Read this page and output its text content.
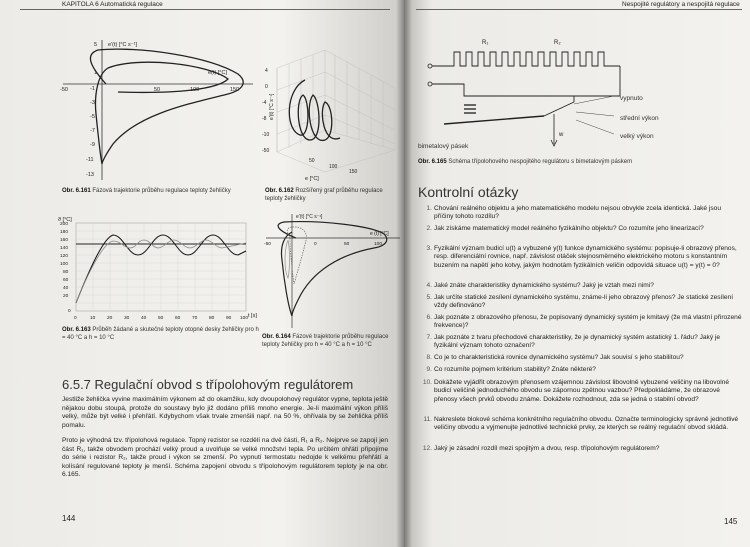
KAPITOLA 6 Automatická regulace
e'(t) [°C s⁻¹]
e(t) [°C]
-50	50	100	150
5
1
-1
-3
-5
-7
-9
-11
-13
Obr. 6.161 Fázová trajektorie průběhu regulace teploty žehličky
4
0
-4
-8
-10
-50
50
100
150
e [°C]
e'(t) [°C s⁻¹]
Obr. 6.162 Rozšířený graf průběhu regulace teploty žehličky
ϑ [°C]
t [s]
200
180
160
140
120
100
80
60
40
20
0
0	10 20 30 40 50 60 70 80 90 100
Obr. 6.163 Průběh žádané a skutečné teploty otopné desky žehličky pro h = 40 °C a h = 10 °C
e'(t) [°C s⁻¹]
e (t) [°C]
-50	0	50	100
Obr. 6.164 Fázové trajektorie průběhu regulace teploty žehličky pro h = 40 °C a h = 10 °C
6.5.7 Regulační obvod s třípolohovým regulátorem
Jestliže žehlička vyvine maximálním výkonem až do okamžiku, kdy dvoupolohový regulátor vypne, teplota ještě nějakou dobu stoupá, protože do soustavy bylo již dodáno příliš mnoho energie. Je-li maximální výkon příliš velký, může být velké i přehřátí. Kdybychom však trvale zmenšili např. na 50 %, ohřívala by se žehlička příliš pomalu.
Proto je výhodná tzv. třípolohová regulace. Topný rezistor se rozdělí na dvě části, R₁ a R₂. Nejprve se zapojí jen část R₁, takže obvodem prochází velký proud a uvolňuje se velké množství tepla. Po určitém ohřátí připojíme do série i rezistor R₂, takže proud i výkon se zmenší. Po vypnutí termostatu nedojde k velkému přehřátí a kolísání regulované teploty je menší. Schéma zapojení obvodu s třípolohovým regulátorem teploty je na obr. 6.165.
144
Nespojité regulátory a nespojitá regulace
R₁	R₂
w
vypnuto
střední výkon
velký výkon
bimetalový pásek
Obr. 6.165 Schéma třípolohového nespojitého regulátoru s bimetalovým páskem
Kontrolní otázky
1. Chování reálného objektu a jeho matematického modelu nejsou obvykle zcela identická. Jaké jsou příčiny tohoto rozdílu?
2. Jak získáme matematický model reálného fyzikálního objektu? Co rozumíte jeho linearizací?
3. Fyzikální význam budicí u(t) a vybuzené y(t) funkce dynamického systému: popisuje-li obrazový přenos, resp. diferenciální rovnice, např. závislost otáček stejnosměrného elektrického motoru s konstantním buzením na napětí jeho kotvy, jakým hodnotám fyzikálních veličin odpovídá situace u(t) = y(t) = 0?
4. Jaké znáte charakteristiky dynamického systému? Jaký je vztah mezi nimi?
5. Jak určíte statické zesílení dynamického systému, známe-li jeho obrazový přenos? Je statické zesílení vždy definováno?
6. Jak poznáte z obrazového přenosu, že popisovaný dynamický systém je kmitavý (že má vlastní přirozené frekvence)?
7. Jak poznáte z tvaru přechodové charakteristiky, že je dynamický systém astatický 1. řádu? Jaký je fyzikální význam tohoto označení?
8. Co je to charakteristická rovnice dynamického systému? Jak souvisí s jeho stabilitou?
9. Co rozumíte pojmem kritérium stability? Znáte některé?
10. Dokážete vyjádřit obrazovým přenosem vzájemnou závislost libovolně vybuzené veličiny na libovolné budicí veličině jednoduchého obvodu se zápornou zpětnou vazbou? Předpokládáme, že obrazové přenosy všech prvků obvodu známe. Dokážete rozhodnout, zda se jedná o stabilní obvod?
11. Nakreslete blokové schéma konkrétního regulačního obvodu. Označte terminologicky správně jednotlivé veličiny obvodu a vyjmenujte jednotlivé technické prvky, ze kterých se reálný regulační obvod skládá.
12. Jaký je zásadní rozdíl mezi spojitým a dvou, resp. třípolohovým regulátorem?
145
